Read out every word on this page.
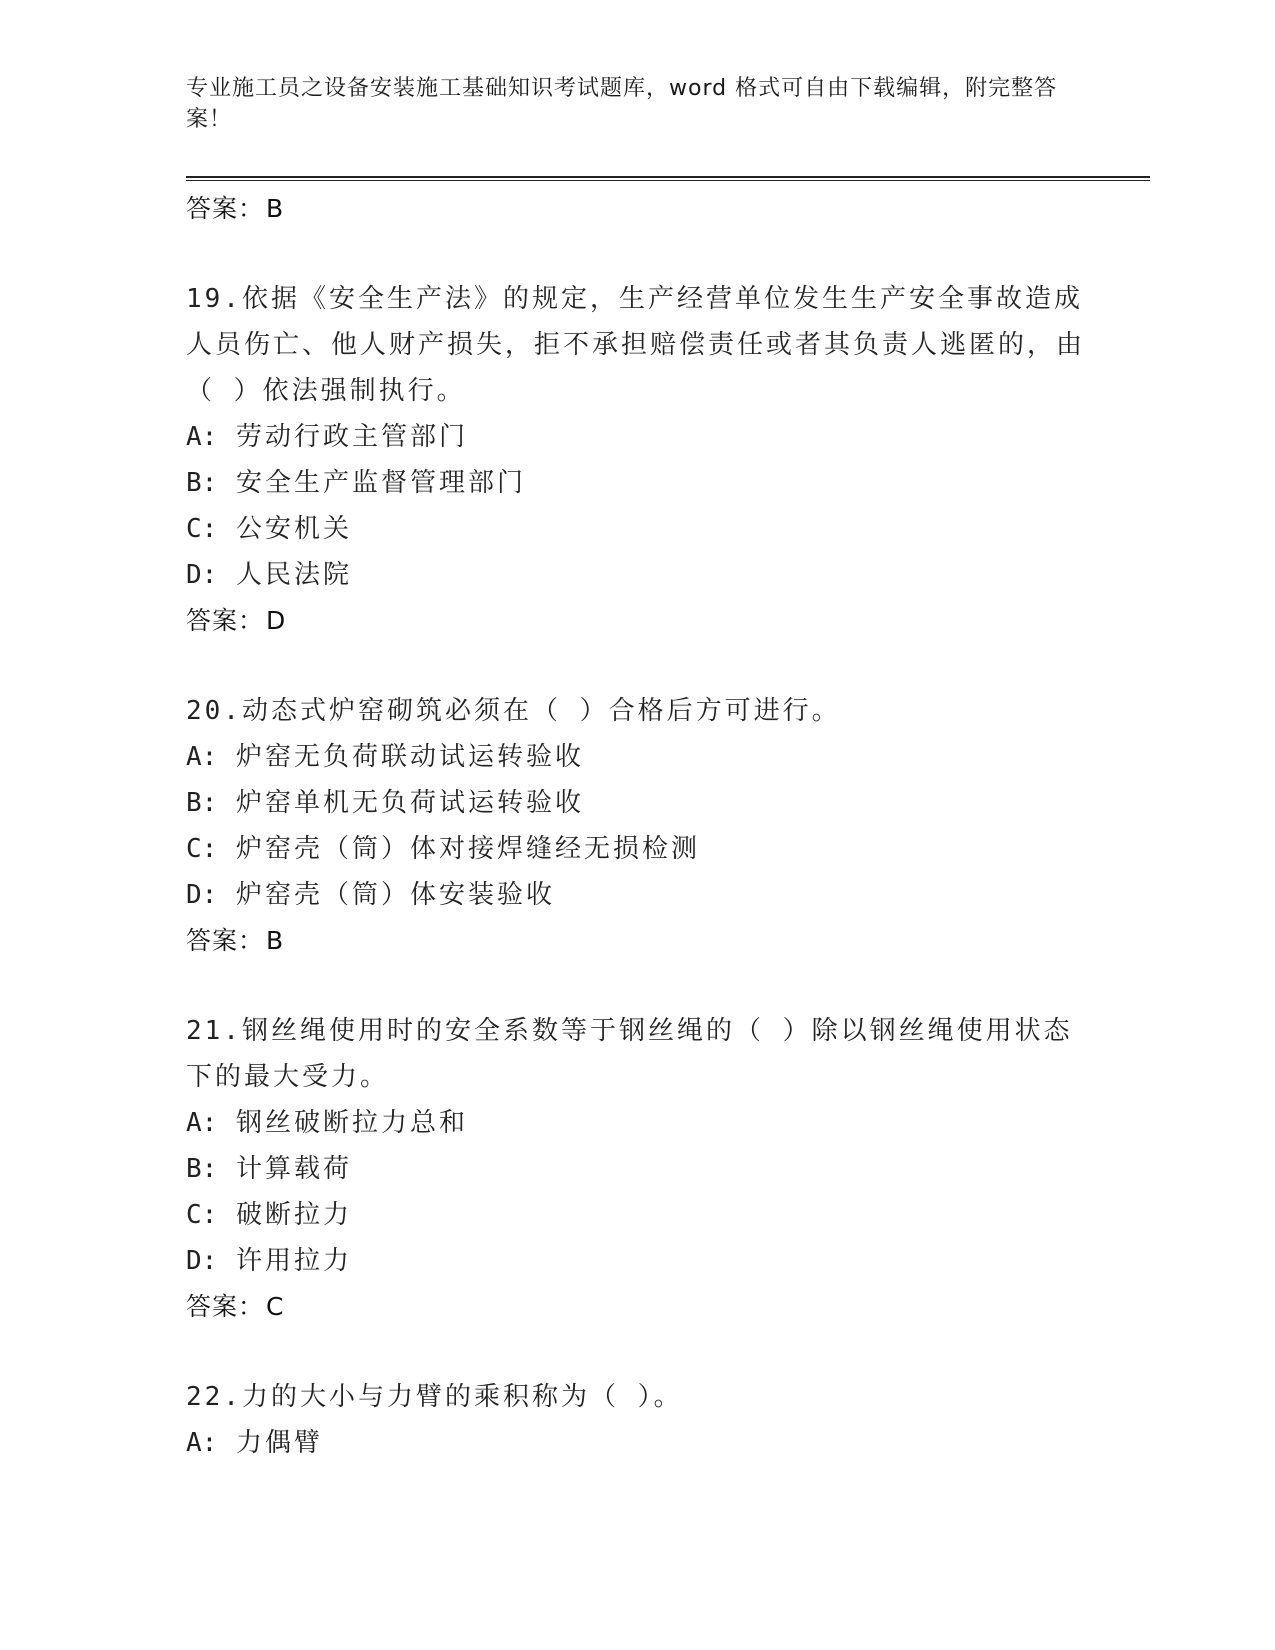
专业施工员之设备安装施工基础知识考试题库，word 格式可自由下载编辑，附完整答案！
答案：B
19.依据《安全生产法》的规定，生产经营单位发生生产安全事故造成人员伤亡、他人财产损失，拒不承担赔偿责任或者其负责人逃匿的，由（ ）依法强制执行。
A: 劳动行政主管部门
B: 安全生产监督管理部门
C: 公安机关
D: 人民法院
答案：D
20.动态式炉窑砌筑必须在（ ）合格后方可进行。
A: 炉窑无负荷联动试运转验收
B: 炉窑单机无负荷试运转验收
C: 炉窑壳（筒）体对接焊缝经无损检测
D: 炉窑壳（筒）体安装验收
答案：B
21.钢丝绳使用时的安全系数等于钢丝绳的（ ）除以钢丝绳使用状态下的最大受力。
A: 钢丝破断拉力总和
B: 计算载荷
C: 破断拉力
D: 许用拉力
答案：C
22.力的大小与力臂的乘积称为（ ）。
A: 力偶臂
